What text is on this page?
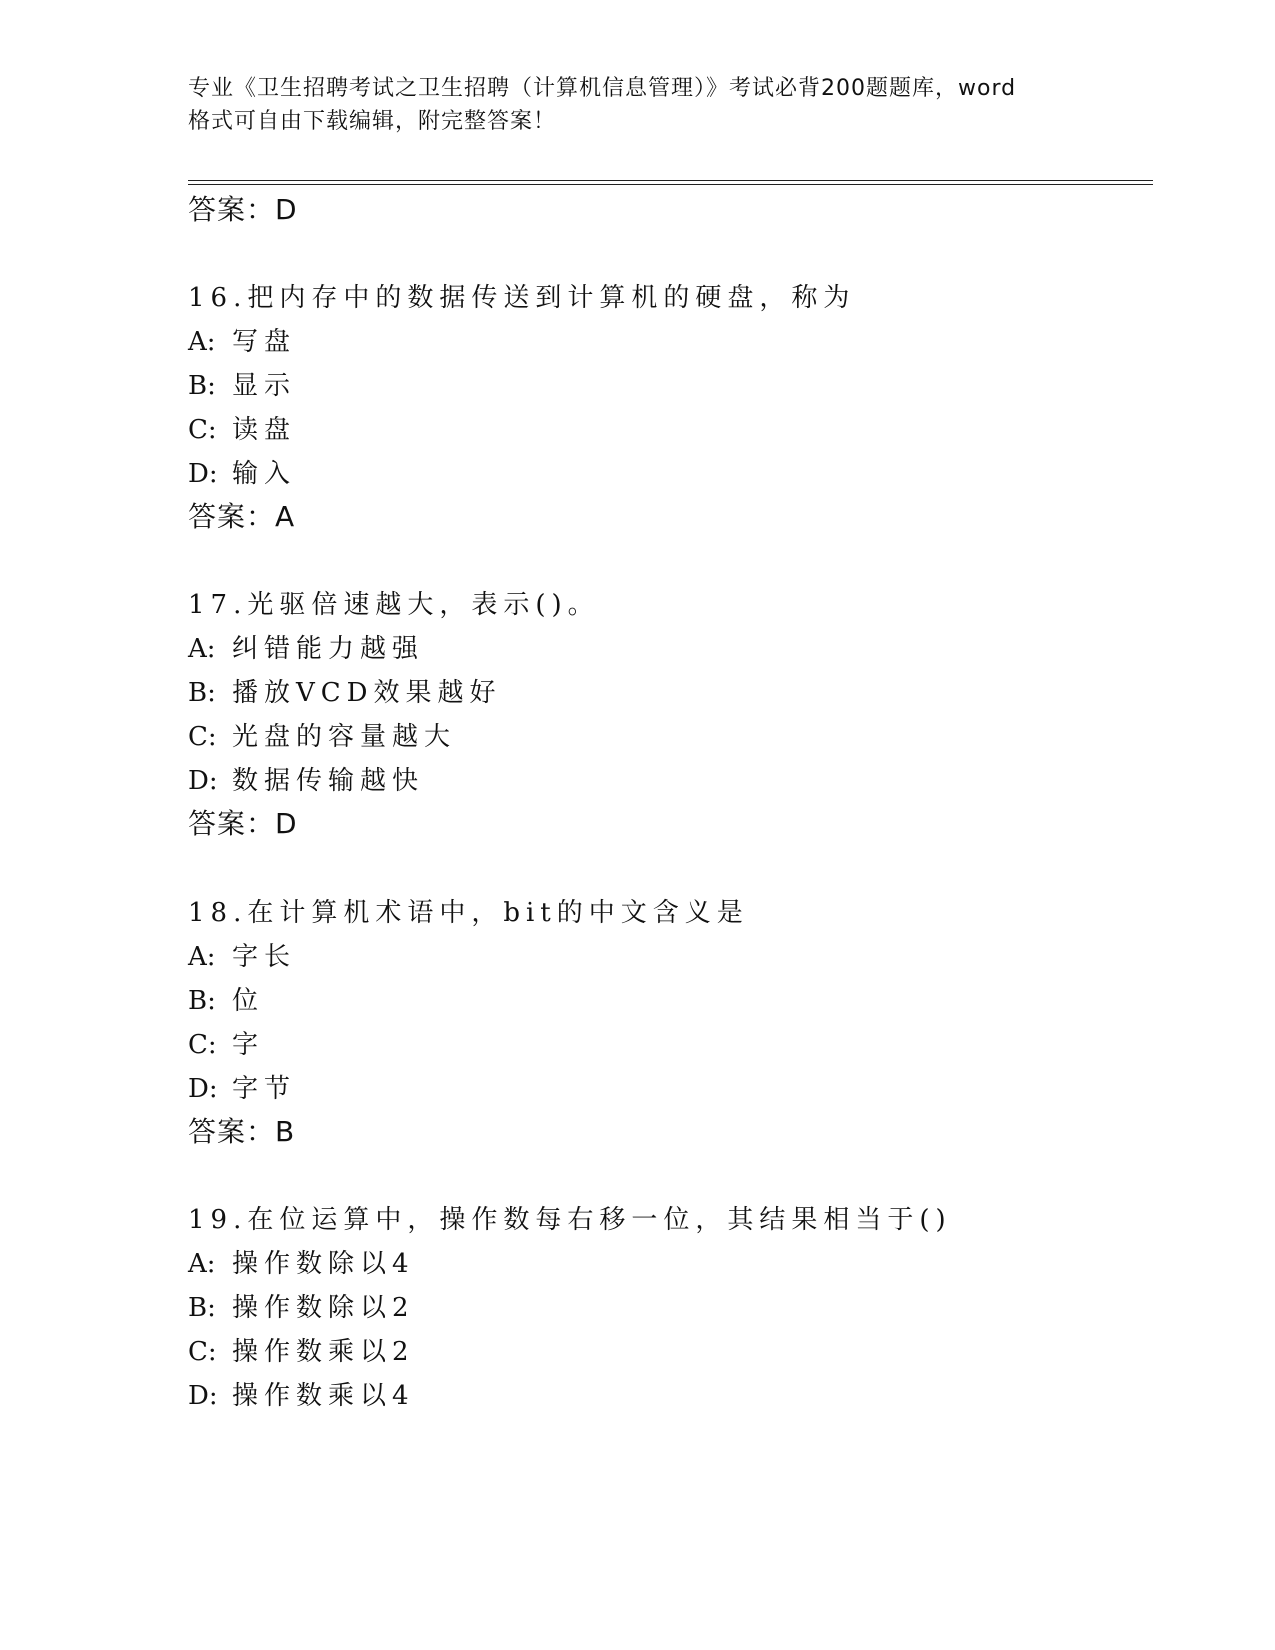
专业《卫生招聘考试之卫生招聘（计算机信息管理）》考试必背200题题库，word
格式可自由下载编辑，附完整答案！
答案：D
16.把内存中的数据传送到计算机的硬盘，称为
A: 写盘
B: 显示
C: 读盘
D: 输入
答案：A
17.光驱倍速越大，表示()。
A: 纠错能力越强
B: 播放VCD效果越好
C: 光盘的容量越大
D: 数据传输越快
答案：D
18.在计算机术语中，bit的中文含义是
A: 字长
B: 位
C: 字
D: 字节
答案：B
19.在位运算中，操作数每右移一位，其结果相当于()
A: 操作数除以4
B: 操作数除以2
C: 操作数乘以2
D: 操作数乘以4
